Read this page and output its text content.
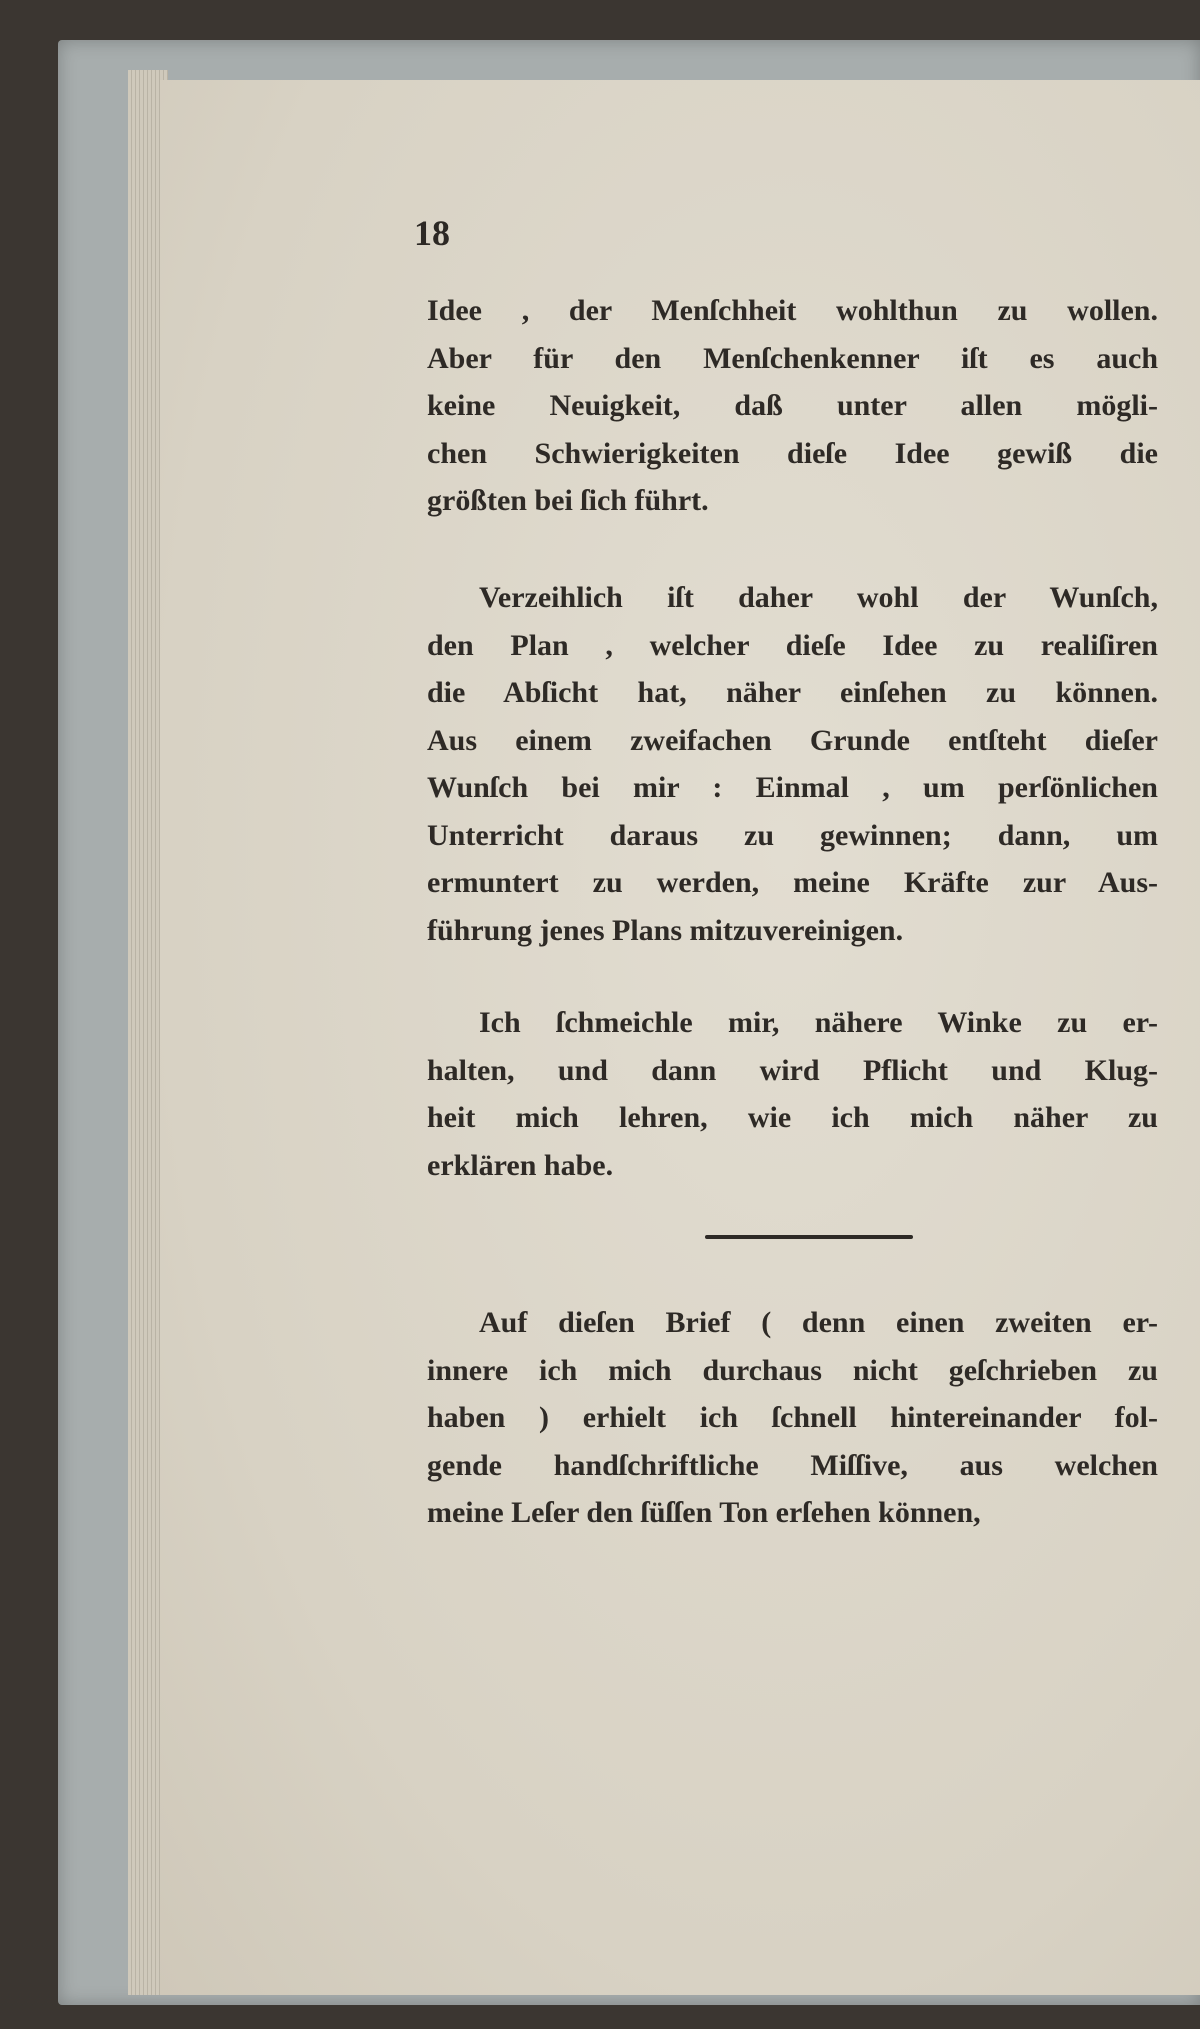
18
Idee , der Menſchheit wohlthun zu wollen.
Aber für den Menſchenkenner iſt es auch
keine Neuigkeit, daß unter allen mögli-
chen Schwierigkeiten dieſe Idee gewiß die
größten bei ſich führt.
Verzeihlich iſt daher wohl der Wunſch,
den Plan , welcher dieſe Idee zu realiſiren
die Abſicht hat, näher einſehen zu können.
Aus einem zweifachen Grunde entſteht dieſer
Wunſch bei mir : Einmal , um perſönlichen
Unterricht daraus zu gewinnen; dann, um
ermuntert zu werden, meine Kräfte zur Aus-
führung jenes Plans mitzuvereinigen.
Ich ſchmeichle mir, nähere Winke zu er-
halten, und dann wird Pflicht und Klug-
heit mich lehren, wie ich mich näher zu
erklären habe.
Auf dieſen Brief ( denn einen zweiten er-
innere ich mich durchaus nicht geſchrieben zu
haben ) erhielt ich ſchnell hintereinander fol-
gende handſchriftliche Miſſive, aus welchen
meine Leſer den ſüſſen Ton erſehen können,
